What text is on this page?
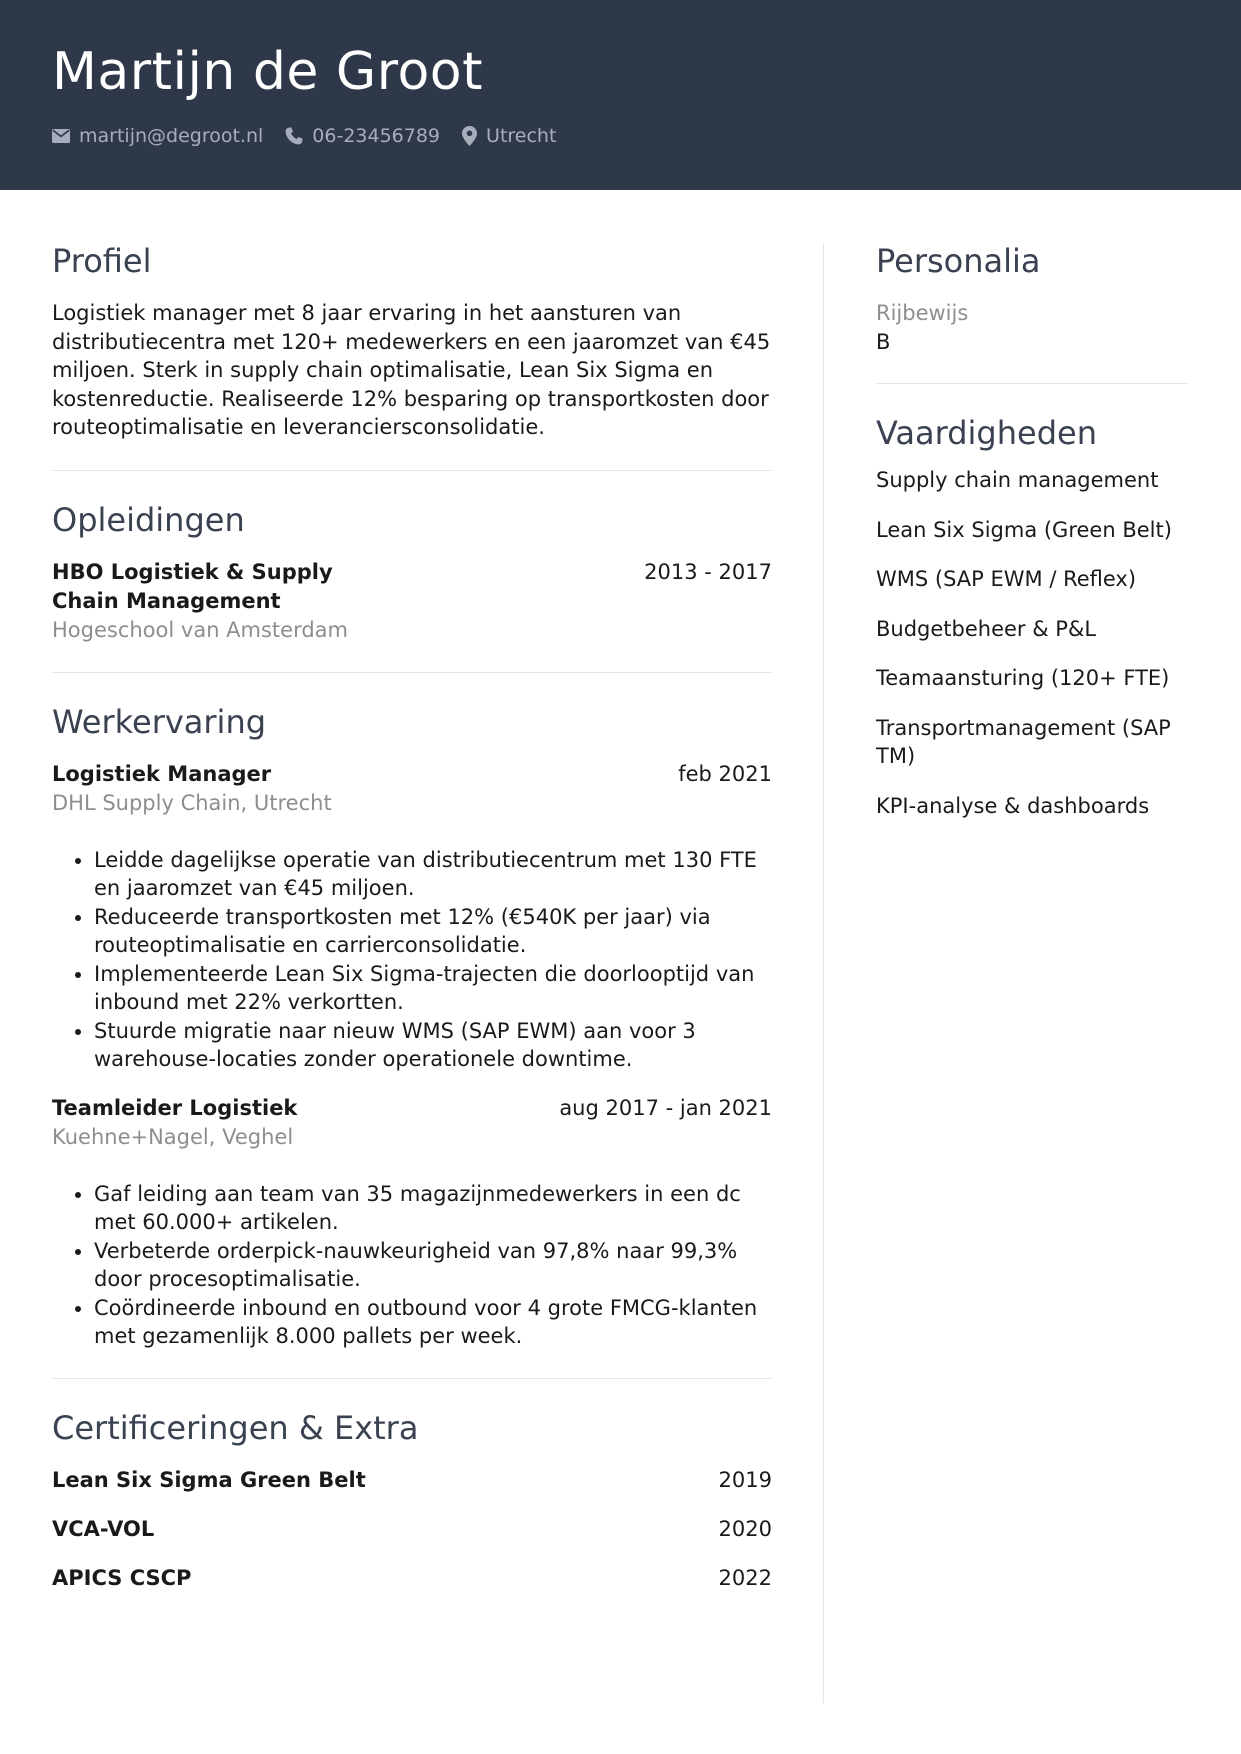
Martijn de Groot
martijn@degroot.nl	06-23456789 Utrecht
Profiel

Logistiek manager met 8 jaar ervaring in het aansturen van distributiecentra met 120+ medewerkers en een jaaromzet van €45 miljoen. Sterk in supply chain optimalisatie, Lean Six Sigma en kostenreductie. Realiseerde 12% besparing op transportkosten door routeoptimalisatie en leveranciersconsolidatie.

Opleidingen
HBO Logistiek & Supply Chain Management
2013 - 2017
Hogeschool van Amsterdam
Werkervaring
Logistiek Manager	feb 2021
DHL Supply Chain, Utrecht
• Leidde dagelijkse operatie van distributiecentrum met 130 FTE en jaaromzet van €45 miljoen.
• Reduceerde transportkosten met 12% (€540K per jaar) via routeoptimalisatie en carrierconsolidatie.
• Implementeerde Lean Six Sigma-trajecten die doorlooptijd van inbound met 22% verkortten.
• Stuurde migratie naar nieuw WMS (SAP EWM) aan voor 3 warehouse-locaties zonder operationele downtime.
Teamleider Logistiek	aug 2017 - jan 2021
Kuehne+Nagel, Veghel
• Gaf leiding aan team van 35 magazijnmedewerkers in een dc met 60.000+ artikelen.
• Verbeterde orderpick-nauwkeurigheid van 97,8% naar 99,3% door procesoptimalisatie.
• Coördineerde inbound en outbound voor 4 grote FMCG-klanten met gezamenlijk 8.000 pallets per week.
Certificeringen & Extra
Lean Six Sigma Green Belt	2019
VCA-VOL	2020
APICS CSCP	2022
Personalia
Rijbewijs
B
Vaardigheden
Supply chain management
Lean Six Sigma (Green Belt)
WMS (SAP EWM / Reflex)
Budgetbeheer & P&L
Teamaansturing (120+ FTE)
Transportmanagement (SAP TM)
KPI-analyse & dashboards
